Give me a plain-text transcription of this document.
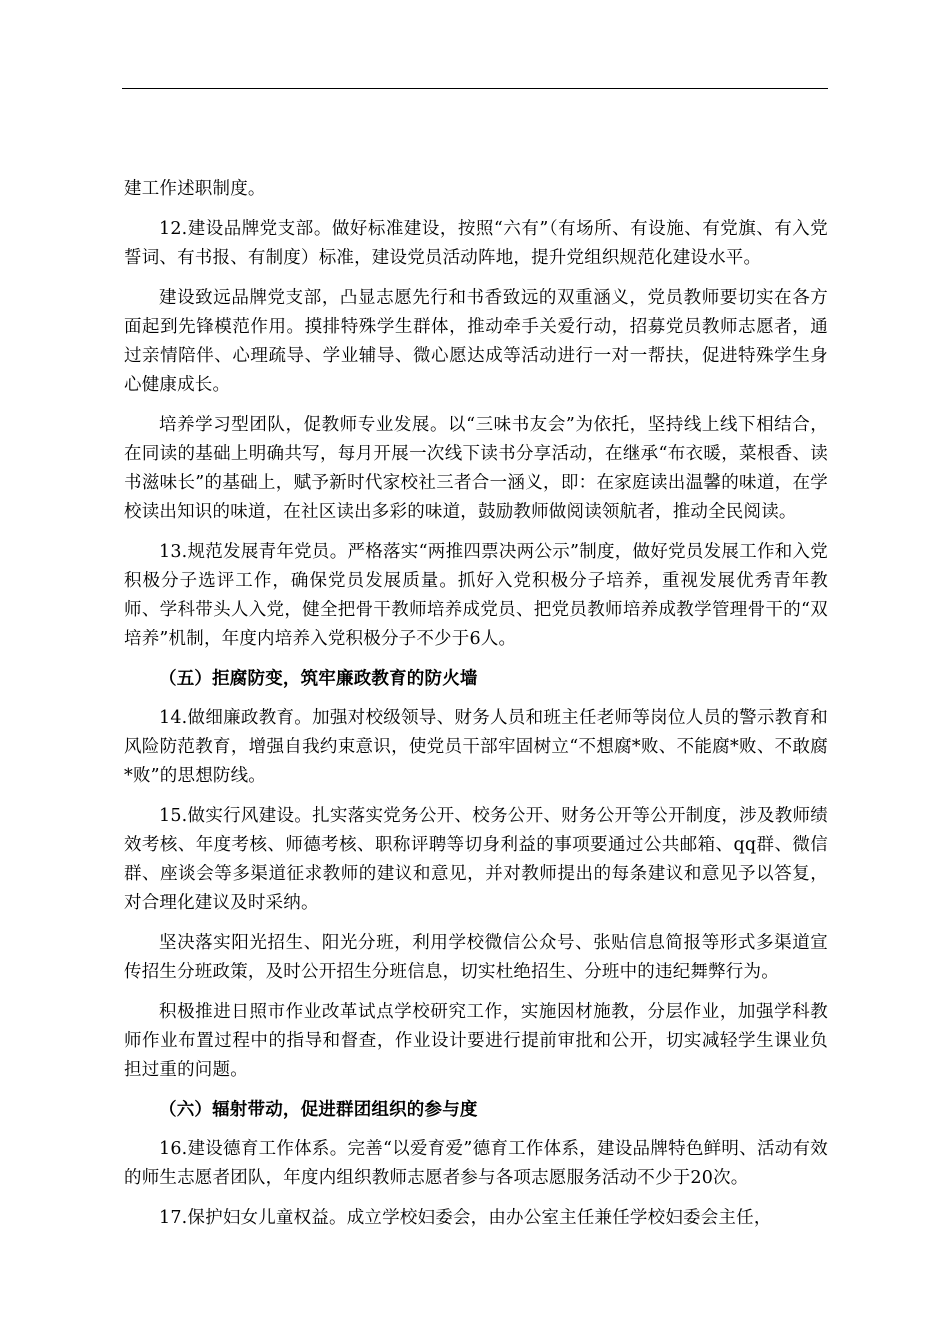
建工作述职制度。

12.建设品牌党支部。做好标准建设，按照“六有”（有场所、有设施、有党旗、有入党誓词、有书报、有制度）标准，建设党员活动阵地，提升党组织规范化建设水平。

建设致远品牌党支部，凸显志愿先行和书香致远的双重涵义，党员教师要切实在各方面起到先锋模范作用。摸排特殊学生群体，推动牵手关爱行动，招募党员教师志愿者，通过亲情陪伴、心理疏导、学业辅导、微心愿达成等活动进行一对一帮扶，促进特殊学生身心健康成长。

培养学习型团队，促教师专业发展。以“三味书友会”为依托，坚持线上线下相结合，在同读的基础上明确共写，每月开展一次线下读书分享活动，在继承“布衣暖，菜根香、读书滋味长”的基础上，赋予新时代家校社三者合一涵义，即：在家庭读出温馨的味道，在学校读出知识的味道，在社区读出多彩的味道，鼓励教师做阅读领航者，推动全民阅读。

13.规范发展青年党员。严格落实“两推四票决两公示”制度，做好党员发展工作和入党积极分子选评工作，确保党员发展质量。抓好入党积极分子培养，重视发展优秀青年教师、学科带头人入党，健全把骨干教师培养成党员、把党员教师培养成教学管理骨干的“双培养”机制，年度内培养入党积极分子不少于6人。

（五）拒腐防变，筑牢廉政教育的防火墙

14.做细廉政教育。加强对校级领导、财务人员和班主任老师等岗位人员的警示教育和风险防范教育，增强自我约束意识，使党员干部牢固树立“不想腐*败、不能腐*败、不敢腐*败”的思想防线。

15.做实行风建设。扎实落实党务公开、校务公开、财务公开等公开制度，涉及教师绩效考核、年度考核、师德考核、职称评聘等切身利益的事项要通过公共邮箱、qq群、微信群、座谈会等多渠道征求教师的建议和意见，并对教师提出的每条建议和意见予以答复，对合理化建议及时采纳。

坚决落实阳光招生、阳光分班，利用学校微信公众号、张贴信息简报等形式多渠道宣传招生分班政策，及时公开招生分班信息，切实杜绝招生、分班中的违纪舞弊行为。

积极推进日照市作业改革试点学校研究工作，实施因材施教，分层作业，加强学科教师作业布置过程中的指导和督查，作业设计要进行提前审批和公开，切实减轻学生课业负担过重的问题。

（六）辐射带动，促进群团组织的参与度

16.建设德育工作体系。完善“以爱育爱”德育工作体系，建设品牌特色鲜明、活动有效的师生志愿者团队，年度内组织教师志愿者参与各项志愿服务活动不少于20次。

17.保护妇女儿童权益。成立学校妇委会，由办公室主任兼任学校妇委会主任，
